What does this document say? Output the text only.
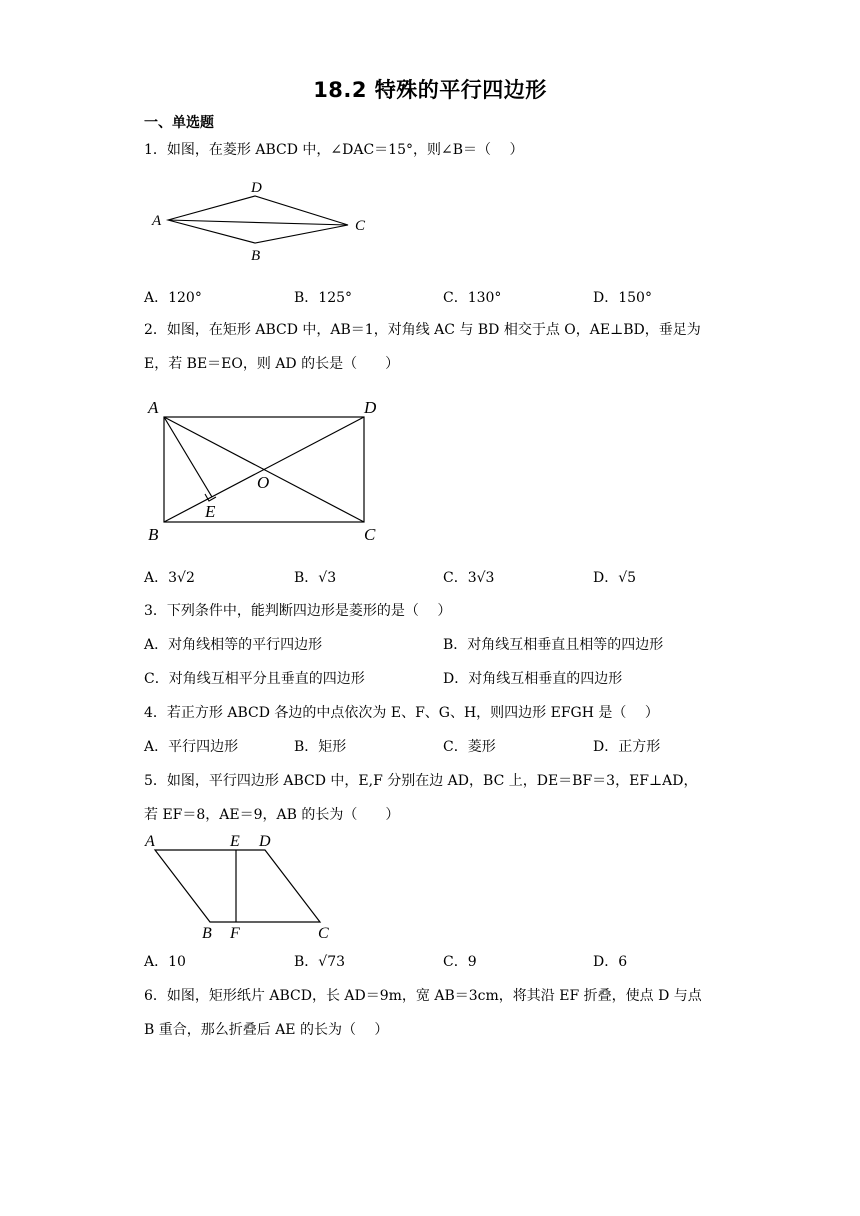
18.2 特殊的平行四边形
一、单选题
1．如图，在菱形 ABCD 中，∠DAC＝15°，则∠B＝（　 ）
A
D
C
B
A．120°	B．125°	C．130°	D．150°
2．如图，在矩形 ABCD 中，AB＝1，对角线 AC 与 BD 相交于点 O，AE⊥BD，垂足为
E，若 BE＝EO，则 AD 的长是（　　）
A	D
B	C
E
O
A．3√2	B．√3	C．3√3	D．√5
3．下列条件中，能判断四边形是菱形的是（　 ）
A．对角线相等的平行四边形	B．对角线互相垂直且相等的四边形
C．对角线互相平分且垂直的四边形	D．对角线互相垂直的四边形
4．若正方形 ABCD 各边的中点依次为 E、F、G、H，则四边形 EFGH 是（　 ）
A．平行四边形	B．矩形	C．菱形	D．正方形
5．如图，平行四边形 ABCD 中，E,F 分别在边 AD，BC 上，DE＝BF＝3，EF⊥AD，
若 EF＝8，AE＝9，AB 的长为（　　）
A	E D
B F	C
A．10	B．√73	C．9	D．6
6．如图，矩形纸片 ABCD，长 AD＝9m，宽 AB＝3cm，将其沿 EF 折叠，使点 D 与点
B 重合，那么折叠后 AE 的长为（　 ）
